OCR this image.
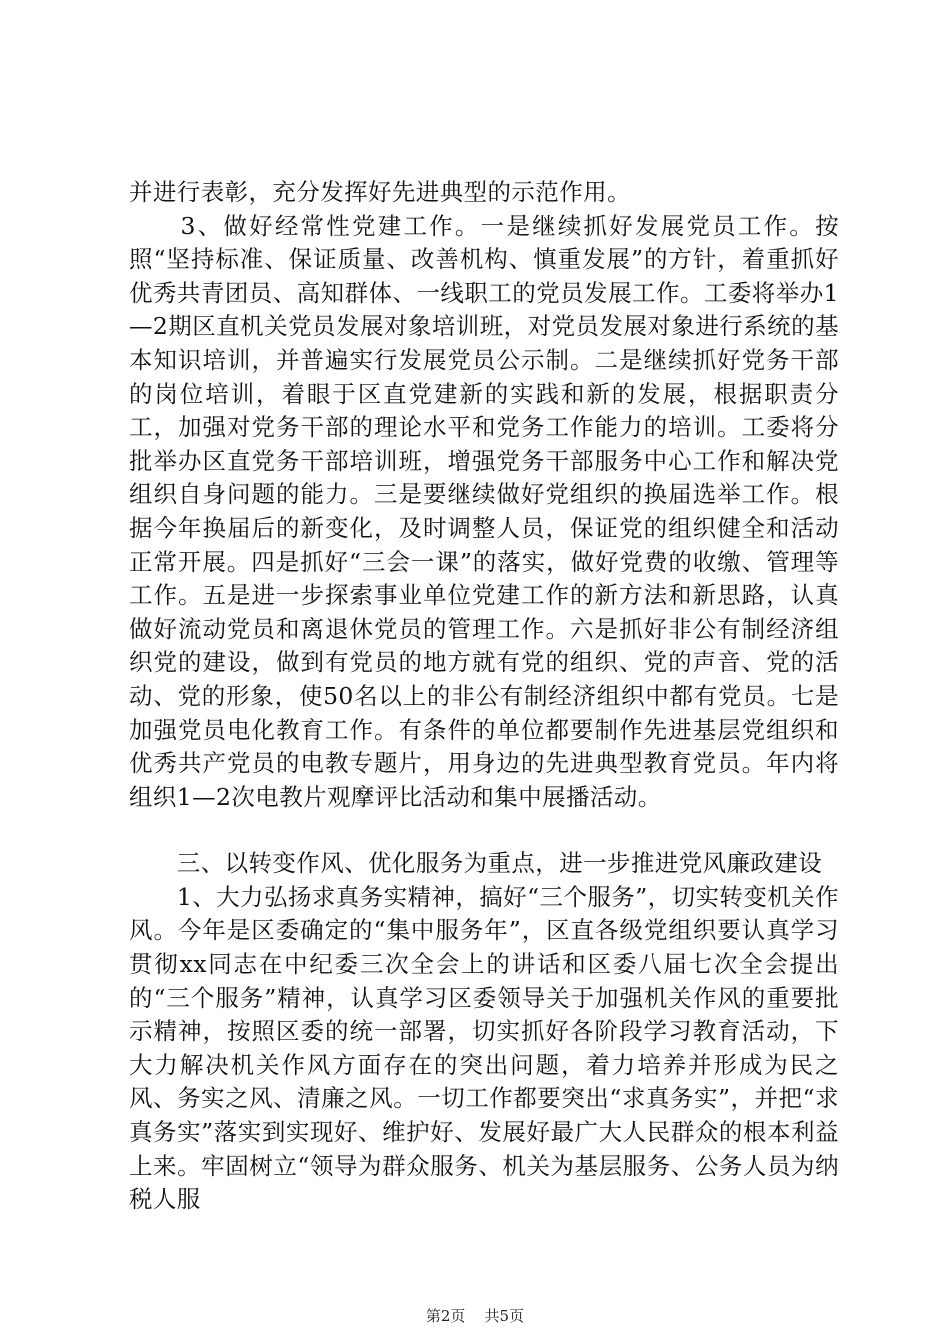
并进行表彰，充分发挥好先进典型的示范作用。

　　3、做好经常性党建工作。一是继续抓好发展党员工作。按照“坚持标准、保证质量、改善机构、慎重发展”的方针，着重抓好优秀共青团员、高知群体、一线职工的党员发展工作。工委将举办1—2期区直机关党员发展对象培训班，对党员发展对象进行系统的基本知识培训，并普遍实行发展党员公示制。二是继续抓好党务干部的岗位培训，着眼于区直党建新的实践和新的发展，根据职责分工，加强对党务干部的理论水平和党务工作能力的培训。工委将分批举办区直党务干部培训班，增强党务干部服务中心工作和解决党组织自身问题的能力。三是要继续做好党组织的换届选举工作。根据今年换届后的新变化，及时调整人员，保证党的组织健全和活动正常开展。四是抓好“三会一课”的落实，做好党费的收缴、管理等工作。五是进一步探索事业单位党建工作的新方法和新思路，认真做好流动党员和离退休党员的管理工作。六是抓好非公有制经济组织党的建设，做到有党员的地方就有党的组织、党的声音、党的活动、党的形象，使50名以上的非公有制经济组织中都有党员。七是加强党员电化教育工作。有条件的单位都要制作先进基层党组织和优秀共产党员的电教专题片，用身边的先进典型教育党员。年内将组织1—2次电教片观摩评比活动和集中展播活动。

　　三、以转变作风、优化服务为重点，进一步推进党风廉政建设

　　1、大力弘扬求真务实精神，搞好“三个服务”，切实转变机关作风。今年是区委确定的“集中服务年”，区直各级党组织要认真学习贯彻xx同志在中纪委三次全会上的讲话和区委八届七次全会提出的“三个服务”精神，认真学习区委领导关于加强机关作风的重要批示精神，按照区委的统一部署，切实抓好各阶段学习教育活动，下大力解决机关作风方面存在的突出问题，着力培养并形成为民之风、务实之风、清廉之风。一切工作都要突出“求真务实”，并把“求真务实”落实到实现好、维护好、发展好最广大人民群众的根本利益上来。牢固树立“领导为群众服务、机关为基层服务、公务人员为纳税人服

第2页 共5页
